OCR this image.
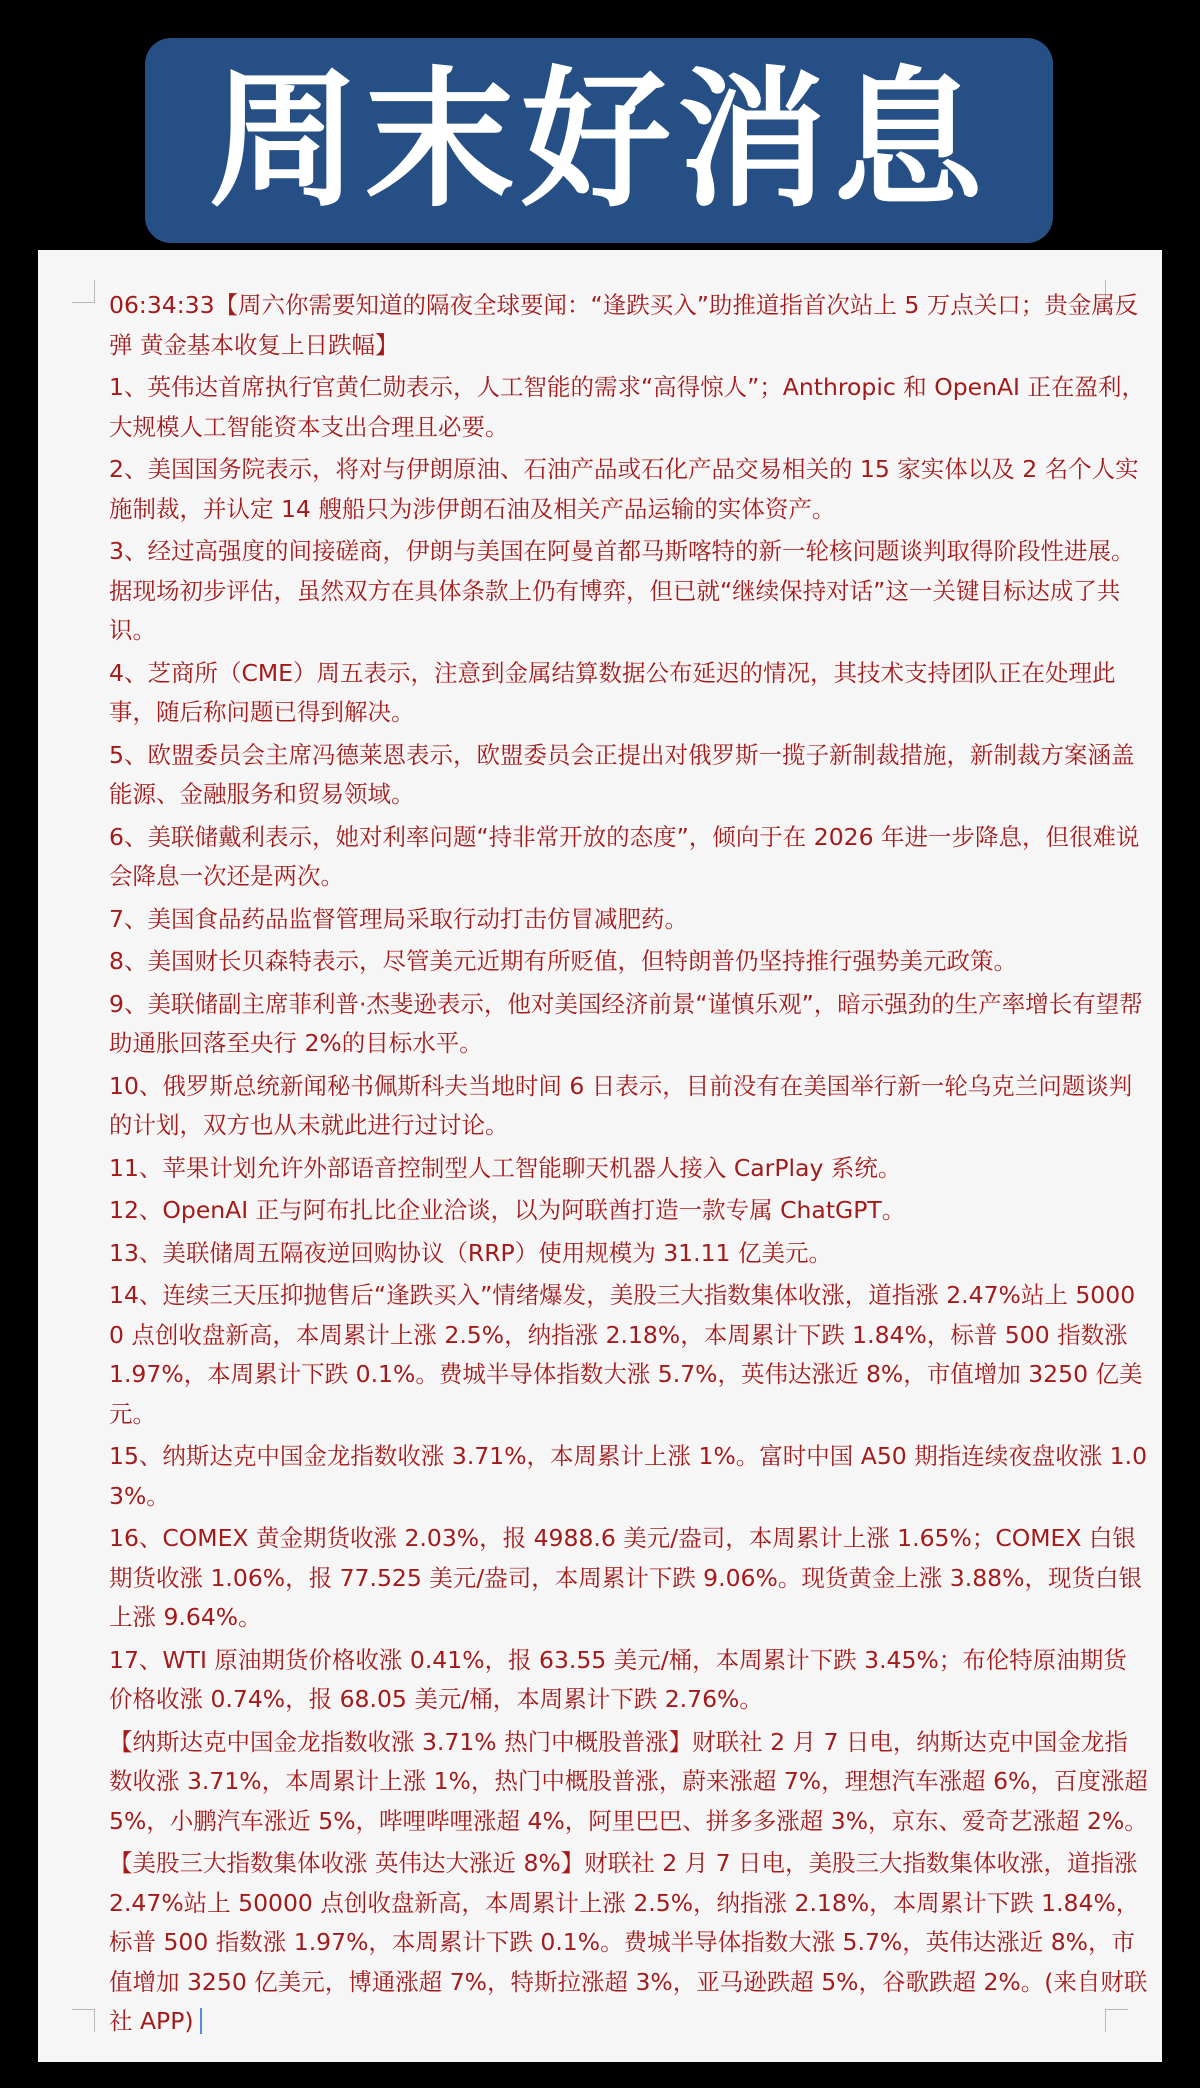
周末好消息

06:34:33【周六你需要知道的隔夜全球要闻：“逢跌买入”助推道指首次站上 5 万点关口；贵金属反弹 黄金基本收复上日跌幅】

1、英伟达首席执行官黄仁勋表示，人工智能的需求“高得惊人”；Anthropic 和 OpenAI 正在盈利，大规模人工智能资本支出合理且必要。

2、美国国务院表示，将对与伊朗原油、石油产品或石化产品交易相关的 15 家实体以及 2 名个人实施制裁，并认定 14 艘船只为涉伊朗石油及相关产品运输的实体资产。

3、经过高强度的间接磋商，伊朗与美国在阿曼首都马斯喀特的新一轮核问题谈判取得阶段性进展。据现场初步评估，虽然双方在具体条款上仍有博弈，但已就“继续保持对话”这一关键目标达成了共识。

4、芝商所（CME）周五表示，注意到金属结算数据公布延迟的情况，其技术支持团队正在处理此事，随后称问题已得到解决。

5、欧盟委员会主席冯德莱恩表示，欧盟委员会正提出对俄罗斯一揽子新制裁措施，新制裁方案涵盖能源、金融服务和贸易领域。

6、美联储戴利表示，她对利率问题“持非常开放的态度”，倾向于在 2026 年进一步降息，但很难说会降息一次还是两次。

7、美国食品药品监督管理局采取行动打击仿冒减肥药。

8、美国财长贝森特表示，尽管美元近期有所贬值，但特朗普仍坚持推行强势美元政策。

9、美联储副主席菲利普·杰斐逊表示，他对美国经济前景“谨慎乐观”，暗示强劲的生产率增长有望帮助通胀回落至央行 2%的目标水平。

10、俄罗斯总统新闻秘书佩斯科夫当地时间 6 日表示，目前没有在美国举行新一轮乌克兰问题谈判的计划，双方也从未就此进行过讨论。

11、苹果计划允许外部语音控制型人工智能聊天机器人接入 CarPlay 系统。

12、OpenAI 正与阿布扎比企业洽谈，以为阿联酋打造一款专属 ChatGPT。

13、美联储周五隔夜逆回购协议（RRP）使用规模为 31.11 亿美元。

14、连续三天压抑抛售后“逢跌买入”情绪爆发，美股三大指数集体收涨，道指涨 2.47%站上 50000 点创收盘新高，本周累计上涨 2.5%，纳指涨 2.18%，本周累计下跌 1.84%，标普 500 指数涨 1.97%，本周累计下跌 0.1%。费城半导体指数大涨 5.7%，英伟达涨近 8%，市值增加 3250 亿美元。

15、纳斯达克中国金龙指数收涨 3.71%，本周累计上涨 1%。富时中国 A50 期指连续夜盘收涨 1.03%。

16、COMEX 黄金期货收涨 2.03%，报 4988.6 美元/盎司，本周累计上涨 1.65%；COMEX 白银期货收涨 1.06%，报 77.525 美元/盎司，本周累计下跌 9.06%。现货黄金上涨 3.88%，现货白银上涨 9.64%。

17、WTI 原油期货价格收涨 0.41%，报 63.55 美元/桶，本周累计下跌 3.45%；布伦特原油期货价格收涨 0.74%，报 68.05 美元/桶，本周累计下跌 2.76%。

【纳斯达克中国金龙指数收涨 3.71% 热门中概股普涨】财联社 2 月 7 日电，纳斯达克中国金龙指数收涨 3.71%，本周累计上涨 1%，热门中概股普涨，蔚来涨超 7%，理想汽车涨超 6%，百度涨超 5%，小鹏汽车涨近 5%，哔哩哔哩涨超 4%，阿里巴巴、拼多多涨超 3%，京东、爱奇艺涨超 2%。

【美股三大指数集体收涨 英伟达大涨近 8%】财联社 2 月 7 日电，美股三大指数集体收涨，道指涨 2.47%站上 50000 点创收盘新高，本周累计上涨 2.5%，纳指涨 2.18%，本周累计下跌 1.84%，标普 500 指数涨 1.97%，本周累计下跌 0.1%。费城半导体指数大涨 5.7%，英伟达涨近 8%，市值增加 3250 亿美元，博通涨超 7%，特斯拉涨超 3%，亚马逊跌超 5%，谷歌跌超 2%。(来自财联社 APP)
